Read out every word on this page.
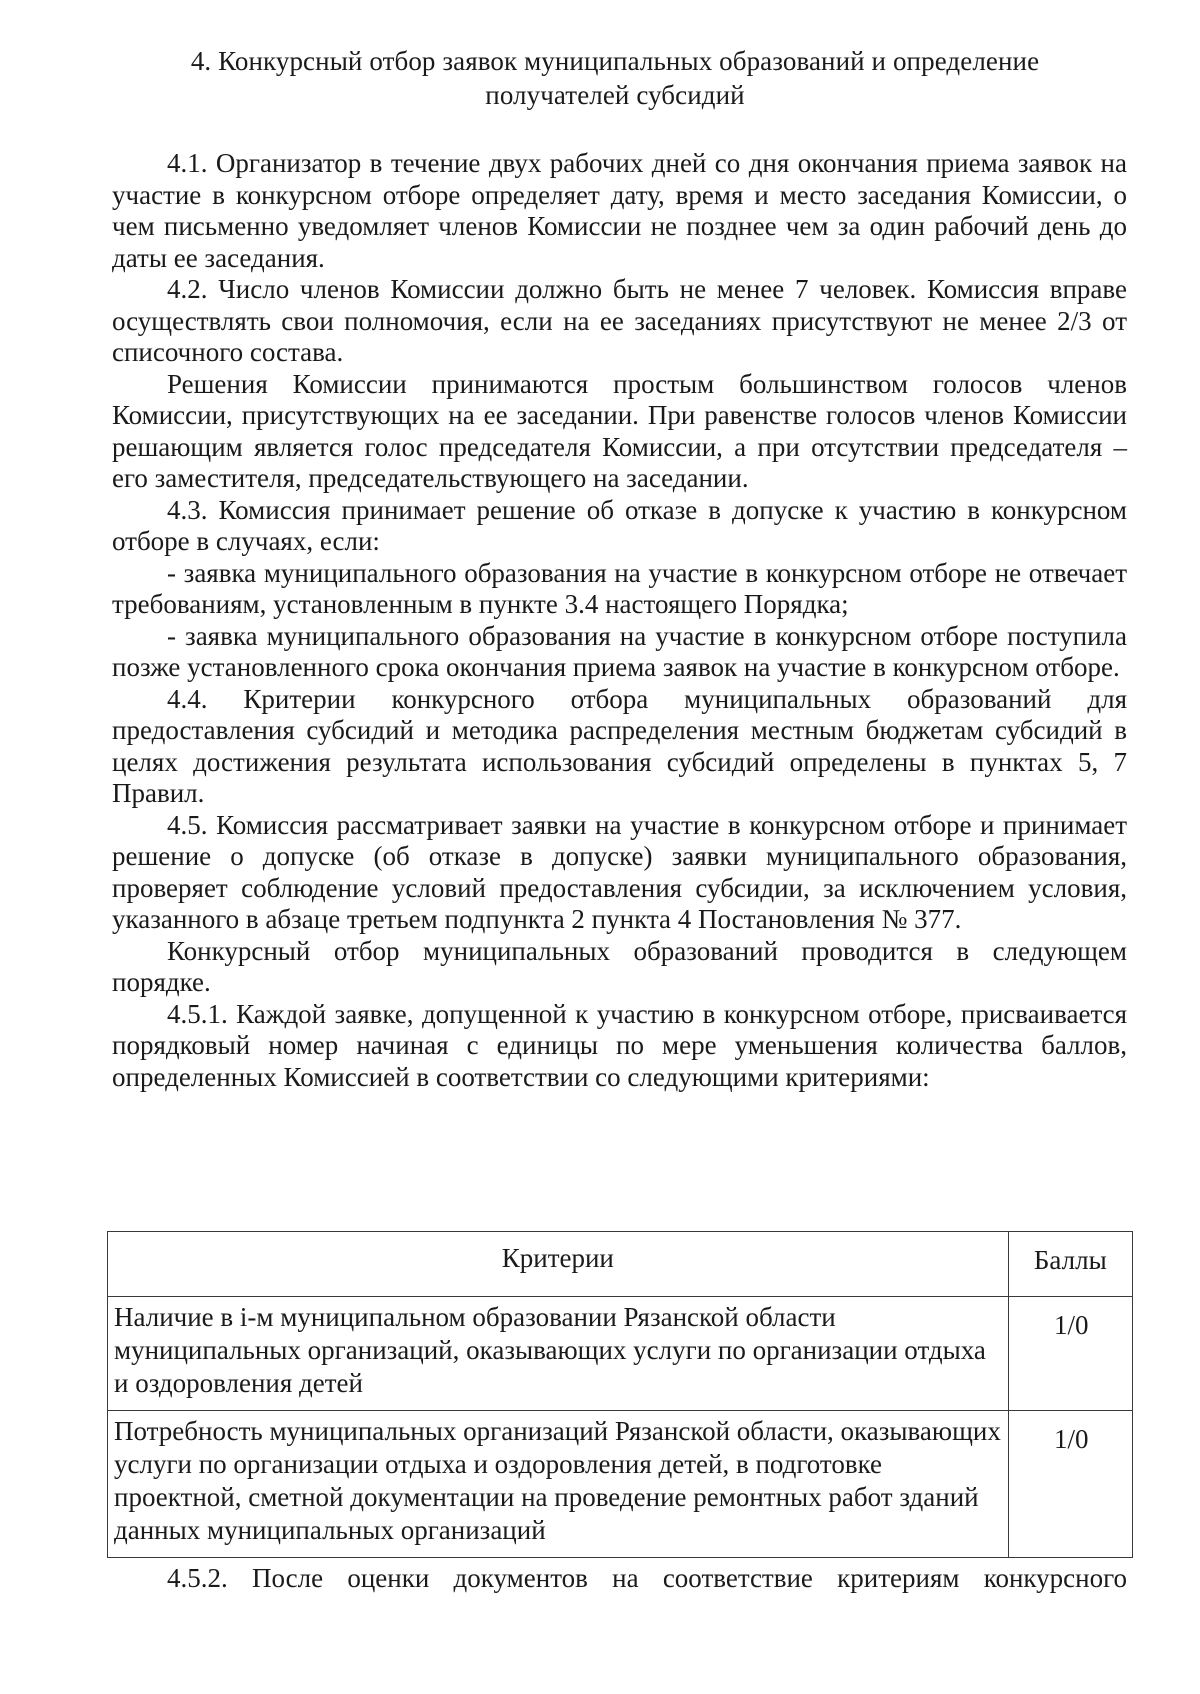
4. Конкурсный отбор заявок муниципальных образований и определение
получателей субсидий

4.1. Организатор в течение двух рабочих дней со дня окончания приема заявок на участие в конкурсном отборе определяет дату, время и место заседания Комиссии, о чем письменно уведомляет членов Комиссии не позднее чем за один рабочий день до даты ее заседания.

4.2. Число членов Комиссии должно быть не менее 7 человек. Комиссия вправе осуществлять свои полномочия, если на ее заседаниях присутствуют не менее 2/3 от списочного состава.

Решения Комиссии принимаются простым большинством голосов членов Комиссии, присутствующих на ее заседании. При равенстве голосов членов Комиссии решающим является голос председателя Комиссии, а при отсутствии председателя – его заместителя, председательствующего на заседании.

4.3. Комиссия принимает решение об отказе в допуске к участию в конкурсном отборе в случаях, если:

- заявка муниципального образования на участие в конкурсном отборе не отвечает требованиям, установленным в пункте 3.4 настоящего Порядка;

- заявка муниципального образования на участие в конкурсном отборе поступила позже установленного срока окончания приема заявок на участие в конкурсном отборе.

4.4. Критерии конкурсного отбора муниципальных образований для предоставления субсидий и методика распределения местным бюджетам субсидий в целях достижения результата использования субсидий определены в пунктах 5, 7 Правил.

4.5. Комиссия рассматривает заявки на участие в конкурсном отборе и принимает решение о допуске (об отказе в допуске) заявки муниципального образования, проверяет соблюдение условий предоставления субсидии, за исключением условия, указанного в абзаце третьем подпункта 2 пункта 4 Постановления № 377.

Конкурсный отбор муниципальных образований проводится в следующем порядке.

4.5.1. Каждой заявке, допущенной к участию в конкурсном отборе, присваивается порядковый номер начиная с единицы по мере уменьшения количества баллов, определенных Комиссией в соответствии со следующими критериями:

Критерии	Баллы
Наличие в i-м муниципальном образовании Рязанской области муниципальных организаций, оказывающих услуги по организации отдыха и оздоровления детей	1/0
Потребность муниципальных организаций Рязанской области, оказывающих услуги по организации отдыха и оздоровления детей, в подготовке проектной, сметной документации на проведение ремонтных работ зданий данных муниципальных организаций	1/0

4.5.2. После оценки документов на соответствие критериям конкурсного
